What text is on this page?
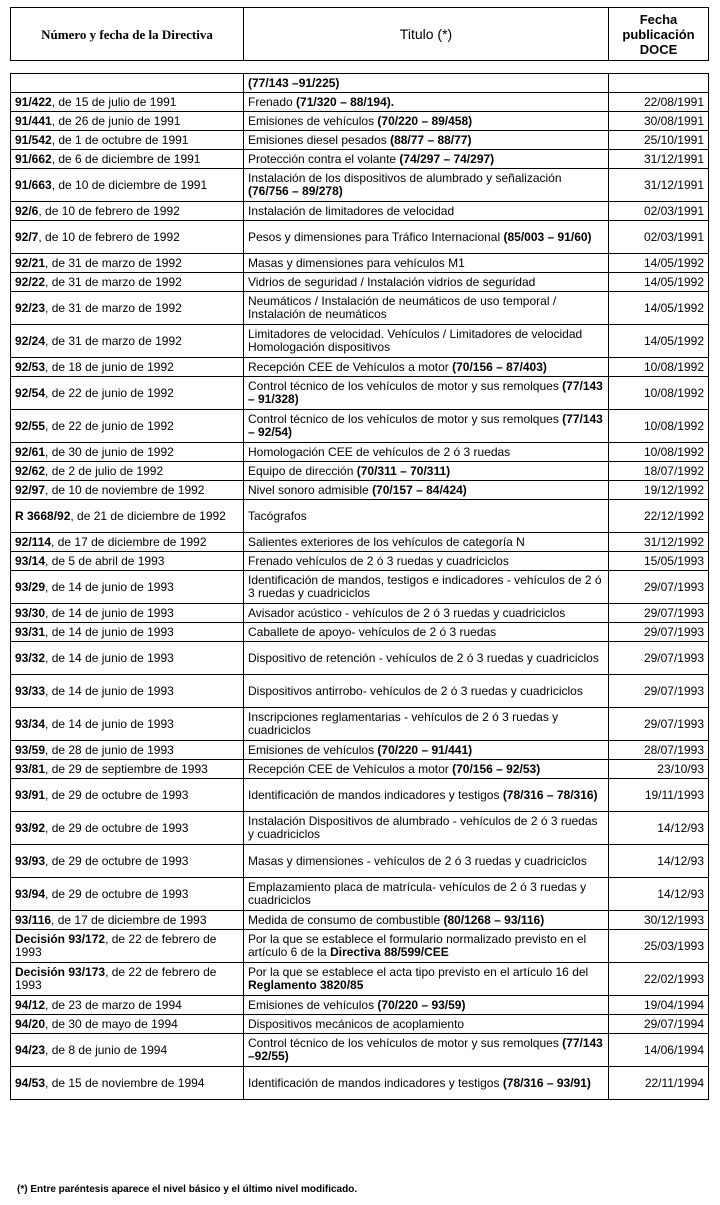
Número y fecha de la Directiva	Titulo (*)	Fecha publicación DOCE
	(77/143 –91/225)	
91/422, de 15 de julio de 1991	Frenado (71/320 – 88/194).	22/08/1991
91/441, de 26 de junio de 1991	Emisiones de vehículos (70/220 – 89/458)	30/08/1991
91/542, de 1 de octubre de 1991	Emisiones diesel pesados (88/77 – 88/77)	25/10/1991
91/662, de 6 de diciembre de 1991	Protección contra el volante (74/297 – 74/297)	31/12/1991
91/663, de 10 de diciembre de 1991	Instalación de los dispositivos de alumbrado y señalización (76/756 – 89/278)	31/12/1991
92/6, de 10 de febrero de 1992	Instalación de limitadores de velocidad	02/03/1991
92/7, de 10 de febrero de 1992	Pesos y dimensiones para Tráfico Internacional (85/003 – 91/60)	02/03/1991
92/21, de 31 de marzo de 1992	Masas y dimensiones para vehículos M1	14/05/1992
92/22, de 31 de marzo de 1992	Vidrios de seguridad / Instalación vidrios de seguridad	14/05/1992
92/23, de 31 de marzo de 1992	Neumáticos / Instalación de neumáticos de uso temporal / Instalación de neumáticos	14/05/1992
92/24, de 31 de marzo de 1992	Limitadores de velocidad. Vehículos / Limitadores de velocidad Homologación dispositivos	14/05/1992
92/53, de 18 de junio de 1992	Recepción CEE de Vehículos a motor (70/156 – 87/403)	10/08/1992
92/54, de 22 de junio de 1992	Control técnico de los vehículos de motor y sus remolques (77/143 – 91/328)	10/08/1992
92/55, de 22 de junio de 1992	Control técnico de los vehículos de motor y sus remolques (77/143 – 92/54)	10/08/1992
92/61, de 30 de junio de 1992	Homologación CEE de vehículos de 2 ó 3 ruedas	10/08/1992
92/62, de 2 de julio de 1992	Equipo de dirección (70/311 – 70/311)	18/07/1992
92/97, de 10 de noviembre de 1992	Nivel sonoro admisible (70/157 – 84/424)	19/12/1992
R 3668/92, de 21 de diciembre de 1992	Tacógrafos	22/12/1992
92/114, de 17 de diciembre de 1992	Salientes exteriores de los vehículos de categoría N	31/12/1992
93/14, de 5 de abril de 1993	Frenado vehículos de 2 ó 3 ruedas y cuadriciclos	15/05/1993
93/29, de 14 de junio de 1993	Identificación de mandos, testigos e indicadores - vehículos de 2 ó 3 ruedas y cuadriciclos	29/07/1993
93/30, de 14 de junio de 1993	Avisador acústico - vehículos de 2 ó 3 ruedas y cuadriciclos	29/07/1993
93/31, de 14 de junio de 1993	Caballete de apoyo- vehículos de 2 ó 3 ruedas	29/07/1993
93/32, de 14 de junio de 1993	Dispositivo de retención - vehículos de 2 ó 3 ruedas y cuadriciclos	29/07/1993
93/33, de 14 de junio de 1993	Dispositivos antirrobo- vehículos de 2 ó 3 ruedas y cuadriciclos	29/07/1993
93/34, de 14 de junio de 1993	Inscripciones reglamentarias - vehículos de 2 ó 3 ruedas y cuadriciclos	29/07/1993
93/59, de 28 de junio de 1993	Emisiones de vehículos (70/220 – 91/441)	28/07/1993
93/81, de 29 de septiembre de 1993	Recepción CEE de Vehículos a motor (70/156 – 92/53)	23/10/93
93/91, de 29 de octubre de 1993	Identificación de mandos indicadores y testigos (78/316 – 78/316)	19/11/1993
93/92, de 29 de octubre de 1993	Instalación Dispositivos de alumbrado - vehículos de 2 ó 3 ruedas y cuadriciclos	14/12/93
93/93, de 29 de octubre de 1993	Masas y dimensiones - vehículos de 2 ó 3 ruedas y cuadriciclos	14/12/93
93/94, de 29 de octubre de 1993	Emplazamiento placa de matrícula- vehículos de 2 ó 3 ruedas y cuadriciclos	14/12/93
93/116, de 17 de diciembre de 1993	Medida de consumo de combustible (80/1268 – 93/116)	30/12/1993
Decisión 93/172, de 22 de febrero de 1993	Por la que se establece el formulario normalizado previsto en el artículo 6 de la Directiva 88/599/CEE	25/03/1993
Decisión 93/173, de 22 de febrero de 1993	Por la que se establece el acta tipo previsto en el artículo 16 del Reglamento 3820/85	22/02/1993
94/12, de 23 de marzo de 1994	Emisiones de vehículos (70/220 – 93/59)	19/04/1994
94/20, de 30 de mayo de 1994	Dispositivos mecánicos de acoplamiento	29/07/1994
94/23, de 8 de junio de 1994	Control técnico de los vehículos de motor y sus remolques (77/143 –92/55)	14/06/1994
94/53, de 15 de noviembre de 1994	Identificación de mandos indicadores y testigos (78/316 – 93/91)	22/11/1994
(*) Entre paréntesis aparece el nivel básico y el último nivel modificado.
